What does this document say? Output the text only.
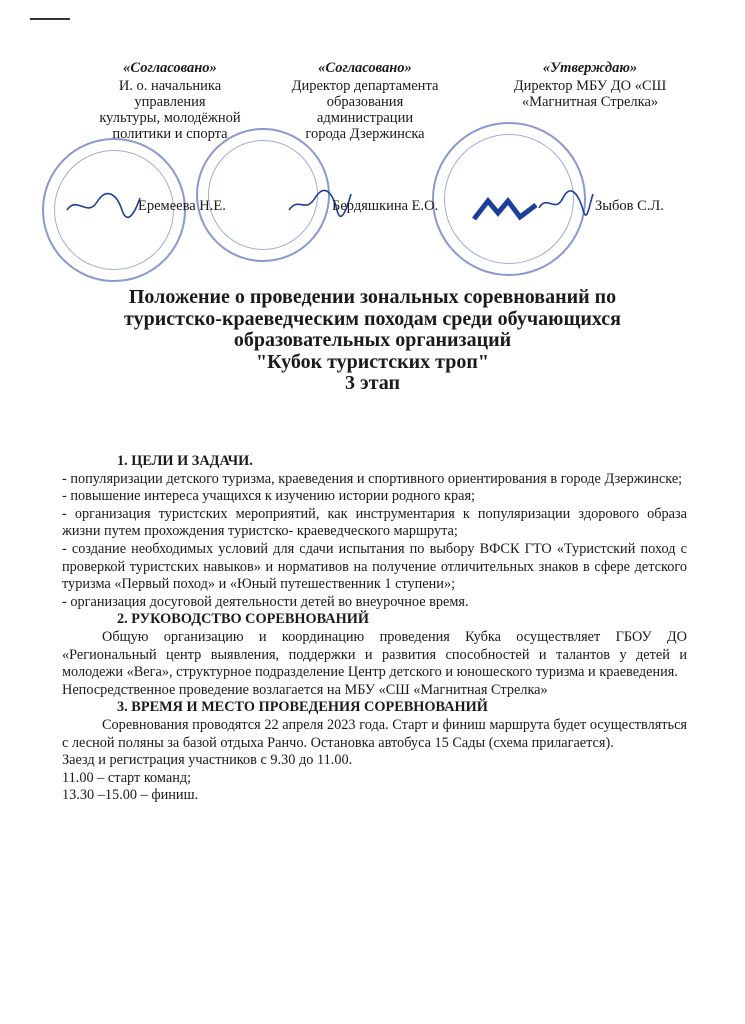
«Согласовано»
И. о. начальника
управления
культуры, молодёжной
политики и спорта
«Согласовано»
Директор департамента
образования
администрации
города Дзержинска
«Утверждаю»
Директор МБУ ДО «СШ
«Магнитная Стрелка»
Еремеева Н.Е.	Бердяшкина Е.О.	Зыбов С.Л.
Положение о проведении зональных соревнований по
туристско-краеведческим походам среди обучающихся
образовательных организаций
"Кубок туристских троп"
3 этап

1. ЦЕЛИ И ЗАДАЧИ.

- популяризации детского туризма, краеведения и спортивного ориентирования в городе Дзержинске;

- повышение интереса учащихся к изучению истории родного края;

- организация туристских мероприятий, как инструментария к популяризации здорового образа жизни путем прохождения туристско- краеведческого маршрута;

- создание необходимых условий для сдачи испытания по выбору ВФСК ГТО «Туристский поход с проверкой туристских навыков» и нормативов на получение отличительных знаков в сфере детского туризма «Первый поход» и «Юный путешественник 1 ступени»;

- организация досуговой деятельности детей во внеурочное время.

2. РУКОВОДСТВО СОРЕВНОВАНИЙ

Общую организацию и координацию проведения Кубка осуществляет ГБОУ ДО «Региональный центр выявления, поддержки и развития способностей и талантов у детей и молодежи «Вега», структурное подразделение Центр детского и юношеского туризма и краеведения.

Непосредственное проведение возлагается на МБУ «СШ «Магнитная Стрелка»

3. ВРЕМЯ И МЕСТО ПРОВЕДЕНИЯ СОРЕВНОВАНИЙ

Соревнования проводятся 22 апреля 2023 года. Старт и финиш маршрута будет осуществляться с лесной поляны за базой отдыха Ранчо. Остановка автобуса 15 Сады (схема прилагается).

Заезд и регистрация участников с 9.30 до 11.00.

11.00 – старт команд;

13.30 –15.00 – финиш.
